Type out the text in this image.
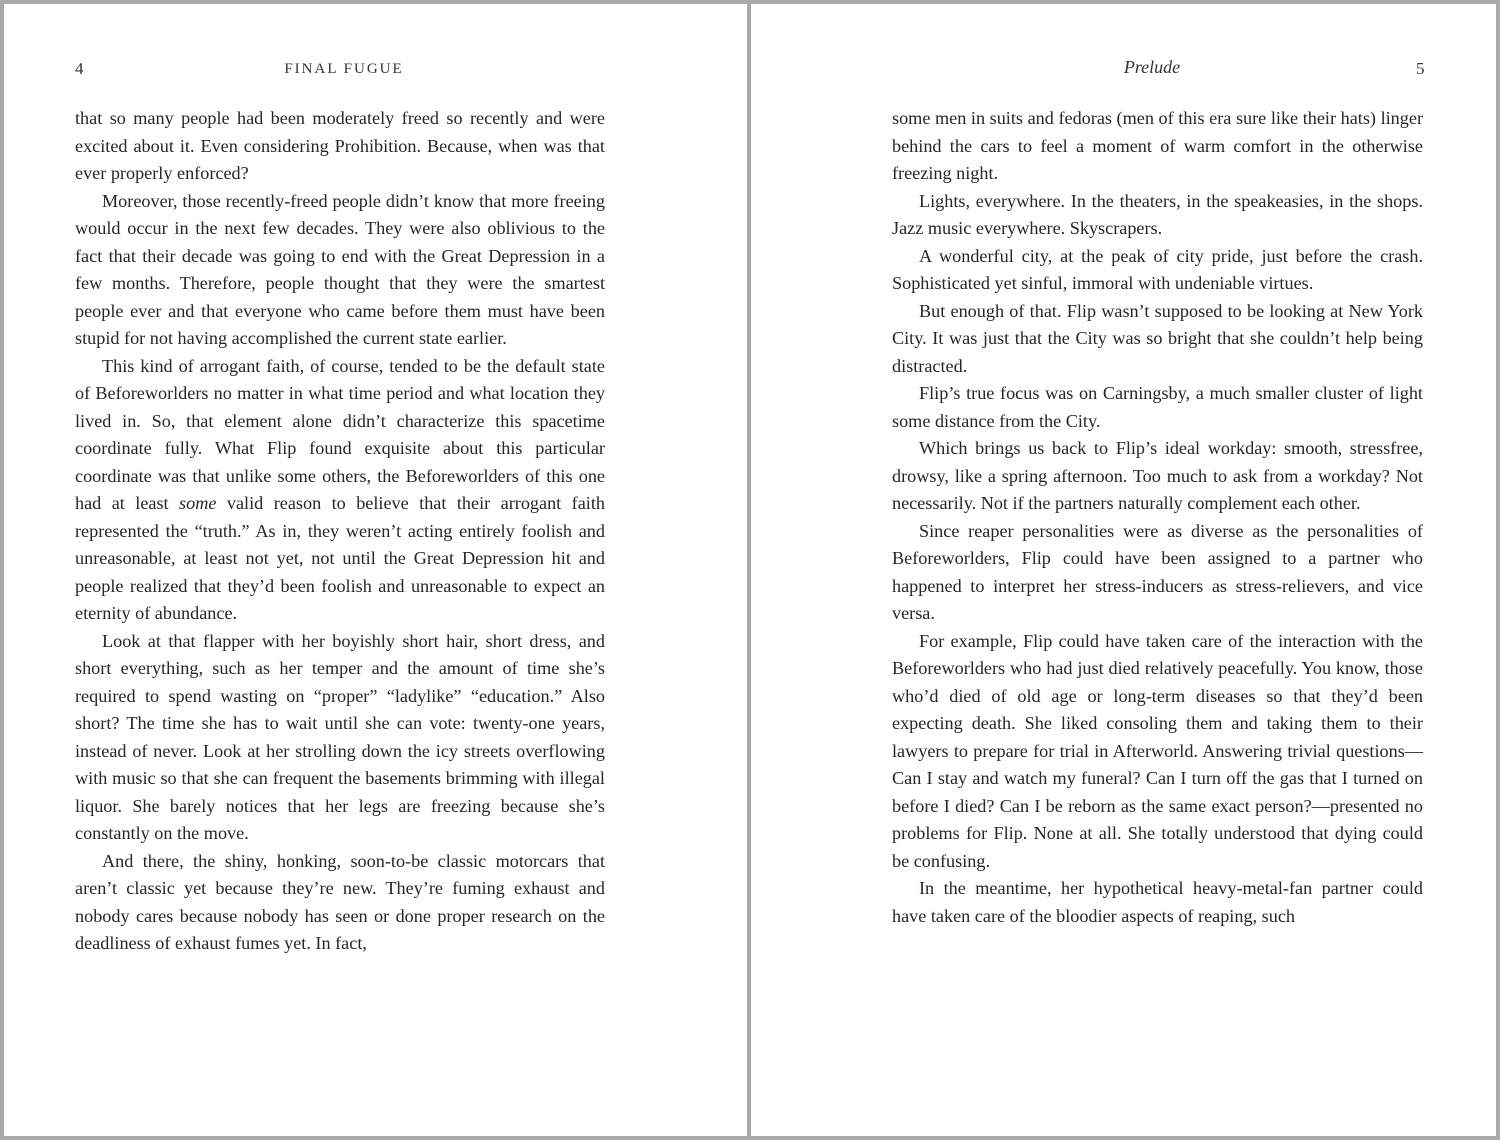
4	FINAL FUGUE

that so many people had been moderately freed so recently and were excited about it. Even considering Prohibition. Because, when was that ever properly enforced?

Moreover, those recently-freed people didn’t know that more freeing would occur in the next few decades. They were also oblivious to the fact that their decade was going to end with the Great Depression in a few months. Therefore, people thought that they were the smartest people ever and that everyone who came before them must have been stupid for not having accomplished the current state earlier.

This kind of arrogant faith, of course, tended to be the default state of Beforeworlders no matter in what time period and what location they lived in. So, that element alone didn’t characterize this spacetime coordinate fully. What Flip found exquisite about this particular coordinate was that unlike some others, the Beforeworlders of this one had at least some valid reason to believe that their arrogant faith represented the “truth.” As in, they weren’t acting entirely foolish and unreasonable, at least not yet, not until the Great Depression hit and people realized that they’d been foolish and unreasonable to expect an eternity of abundance.

Look at that flapper with her boyishly short hair, short dress, and short everything, such as her temper and the amount of time she’s required to spend wasting on “proper” “ladylike” “education.” Also short? The time she has to wait until she can vote: twenty-one years, instead of never. Look at her strolling down the icy streets overflowing with music so that she can frequent the basements brimming with illegal liquor. She barely notices that her legs are freezing because she’s constantly on the move.

And there, the shiny, honking, soon-to-be classic motorcars that aren’t classic yet because they’re new. They’re fuming exhaust and nobody cares because nobody has seen or done proper research on the deadliness of exhaust fumes yet. In fact,

Prelude	5

some men in suits and fedoras (men of this era sure like their hats) linger behind the cars to feel a moment of warm comfort in the otherwise freezing night.

Lights, everywhere. In the theaters, in the speakeasies, in the shops. Jazz music everywhere. Skyscrapers.

A wonderful city, at the peak of city pride, just before the crash. Sophisticated yet sinful, immoral with undeniable virtues.

But enough of that. Flip wasn’t supposed to be looking at New York City. It was just that the City was so bright that she couldn’t help being distracted.

Flip’s true focus was on Carningsby, a much smaller cluster of light some distance from the City.

Which brings us back to Flip’s ideal workday: smooth, stressfree, drowsy, like a spring afternoon. Too much to ask from a workday? Not necessarily. Not if the partners naturally complement each other.

Since reaper personalities were as diverse as the personalities of Beforeworlders, Flip could have been assigned to a partner who happened to interpret her stress-inducers as stress-relievers, and vice versa.

For example, Flip could have taken care of the interaction with the Beforeworlders who had just died relatively peacefully. You know, those who’d died of old age or long-term diseases so that they’d been expecting death. She liked consoling them and taking them to their lawyers to prepare for trial in Afterworld. Answering trivial questions—Can I stay and watch my funeral? Can I turn off the gas that I turned on before I died? Can I be reborn as the same exact person?—presented no problems for Flip. None at all. She totally understood that dying could be confusing.

In the meantime, her hypothetical heavy-metal-fan partner could have taken care of the bloodier aspects of reaping, such
